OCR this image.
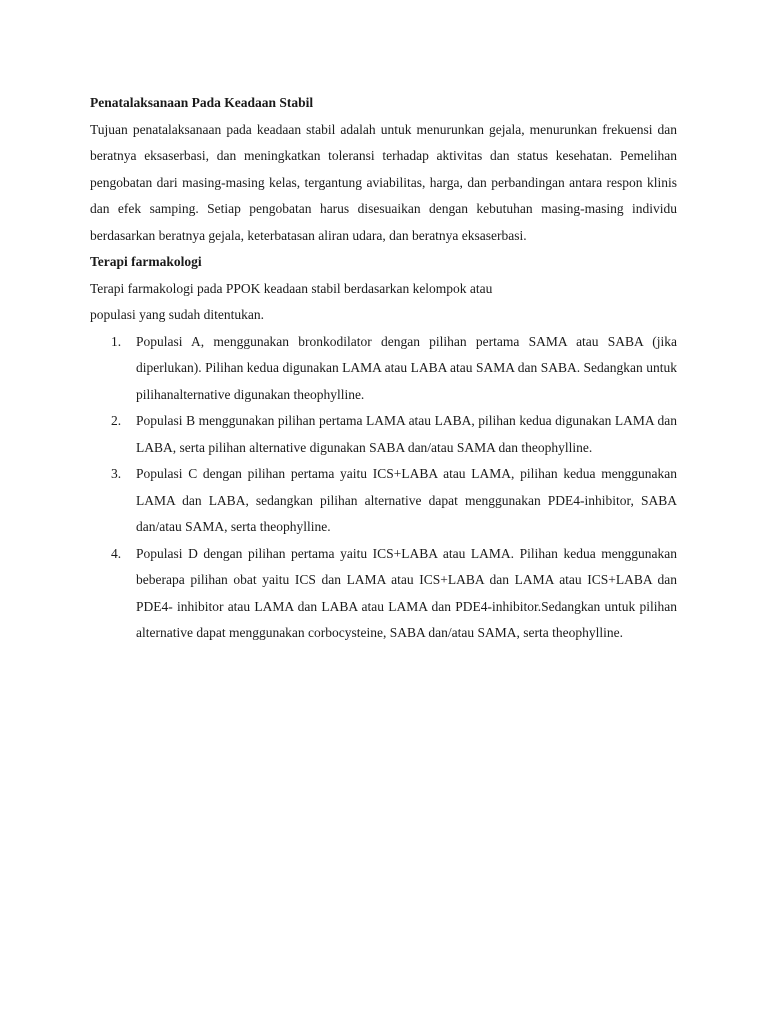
Penatalaksanaan Pada Keadaan Stabil

Tujuan penatalaksanaan pada keadaan stabil adalah untuk menurunkan gejala, menurunkan frekuensi dan beratnya eksaserbasi, dan meningkatkan toleransi terhadap aktivitas dan status kesehatan. Pemelihan pengobatan dari masing-masing kelas, tergantung aviabilitas, harga, dan perbandingan antara respon klinis dan efek samping. Setiap pengobatan harus disesuaikan dengan kebutuhan masing-masing individu berdasarkan beratnya gejala, keterbatasan aliran udara, dan beratnya eksaserbasi.

Terapi farmakologi

Terapi farmakologi pada PPOK keadaan stabil berdasarkan kelompok atau

populasi yang sudah ditentukan.

1. Populasi A, menggunakan bronkodilator dengan pilihan pertama SAMA atau SABA (jika diperlukan). Pilihan kedua digunakan LAMA atau LABA atau SAMA dan SABA. Sedangkan untuk pilihanalternative digunakan theophylline.
2. Populasi B menggunakan pilihan pertama LAMA atau LABA, pilihan kedua digunakan LAMA dan LABA, serta pilihan alternative digunakan SABA dan/atau SAMA dan theophylline.
3. Populasi C dengan pilihan pertama yaitu ICS+LABA atau LAMA, pilihan kedua menggunakan LAMA dan LABA, sedangkan pilihan alternative dapat menggunakan PDE4-inhibitor, SABA dan/atau SAMA, serta theophylline.
4. Populasi D dengan pilihan pertama yaitu ICS+LABA atau LAMA. Pilihan kedua menggunakan beberapa pilihan obat yaitu ICS dan LAMA atau ICS+LABA dan LAMA atau ICS+LABA dan PDE4- inhibitor atau LAMA dan LABA atau LAMA dan PDE4-inhibitor.Sedangkan untuk pilihan alternative dapat menggunakan corbocysteine, SABA dan/atau SAMA, serta theophylline.
